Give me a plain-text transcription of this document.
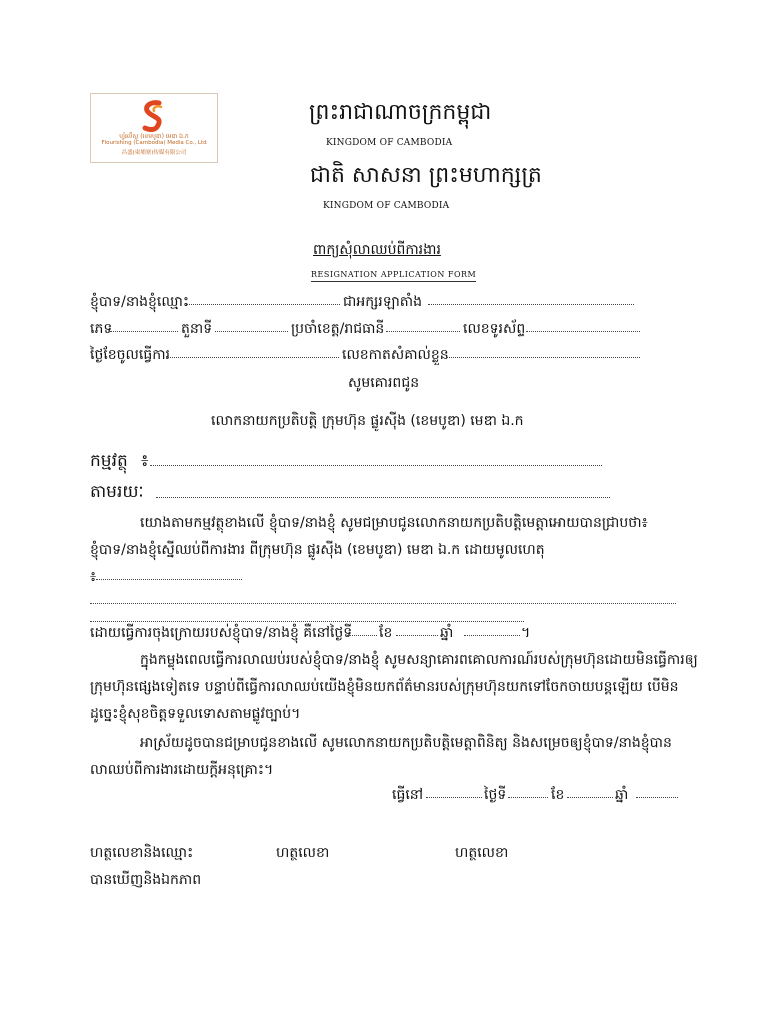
ហ្វ័រលីស្ង (ខេមបូឌា) មេឌា ឯ.ក
Flourishing (Cambodia) Media Co., Ltd
昌盛(柬埔寨)传媒有限公司
ព្រះរាជាណាចក្រកម្ពុជា
KINGDOM OF CAMBODIA
ជាតិ សាសនា ព្រះមហាក្សត្រ
KINGDOM OF CAMBODIA
ពាក្យសុំលាឈប់ពីការងារ
RESIGNATION APPLICATION FORM
ខ្ញុំបាទ/នាងខ្ញុំឈ្មោះ	ជាអក្សរឡាតាំង
ភេទ	តួនាទី	ប្រចាំខេត្ត/រាជធានី	លេខទូរស័ព្ទ
ថ្ងៃខែចូលធ្វើការ	លេខកាតសំគាល់ខ្លួន
សូមគោរពជូន
លោកនាយកប្រតិបត្តិ ក្រុមហ៊ុន ផ្លូរស៊ីង (ខេមបូឌា) មេឌា ឯ.ក
កម្មវត្ថុ ៖
តាមរយៈ
យោងតាមកម្មវត្ថុខាងលើ ខ្ញុំបាទ/នាងខ្ញុំ សូមជម្រាបជូនលោកនាយកប្រតិបត្តិមេត្តាអោយបានជ្រាបថា៖
ខ្ញុំបាទ/នាងខ្ញុំស្នើឈប់ពីការងារ ពីក្រុមហ៊ុន ផ្លូរស៊ីង (ខេមបូឌា) មេឌា ឯ.ក ដោយមូលហេតុ
៖
ដោយធ្វើការចុងក្រោយរបស់ខ្ញុំបាទ/នាងខ្ញុំ គឺនៅថ្ងៃទី ខែ	ឆ្នាំ	។
ក្នុងកម្លុងពេលធ្វើការលាឈប់របស់ខ្ញុំបាទ/នាងខ្ញុំ សូមសន្យាគោរពគោលការណ៍របស់ក្រុមហ៊ុនដោយមិនធ្វើការឲ្យ
ក្រុមហ៊ុនផ្សេងទៀតទេ បន្ទាប់ពីធ្វើការលាឈប់យើងខ្ញុំមិនយកព័ត៌មានរបស់ក្រុមហ៊ុនយកទៅចែកចាយបន្តឡើយ បើមិន
ដូច្នេះខ្ញុំសុខចិត្តទទួលទោសតាមផ្លូវច្បាប់។
អាស្រ័យដូចបានជម្រាបជូនខាងលើ សូមលោកនាយកប្រតិបត្តិមេត្តាពិនិត្យ និងសម្រេចឲ្យខ្ញុំបាទ/នាងខ្ញុំបាន
លាឈប់ពីការងារដោយក្តីអនុគ្រោះ។
ធ្វើនៅ	ថ្ងៃទី	ខែ	ឆ្នាំ
ហត្ថលេខានិងឈ្មោះ	ហត្ថលេខា	ហត្ថលេខា
បានឃើញនិងឯកភាព
